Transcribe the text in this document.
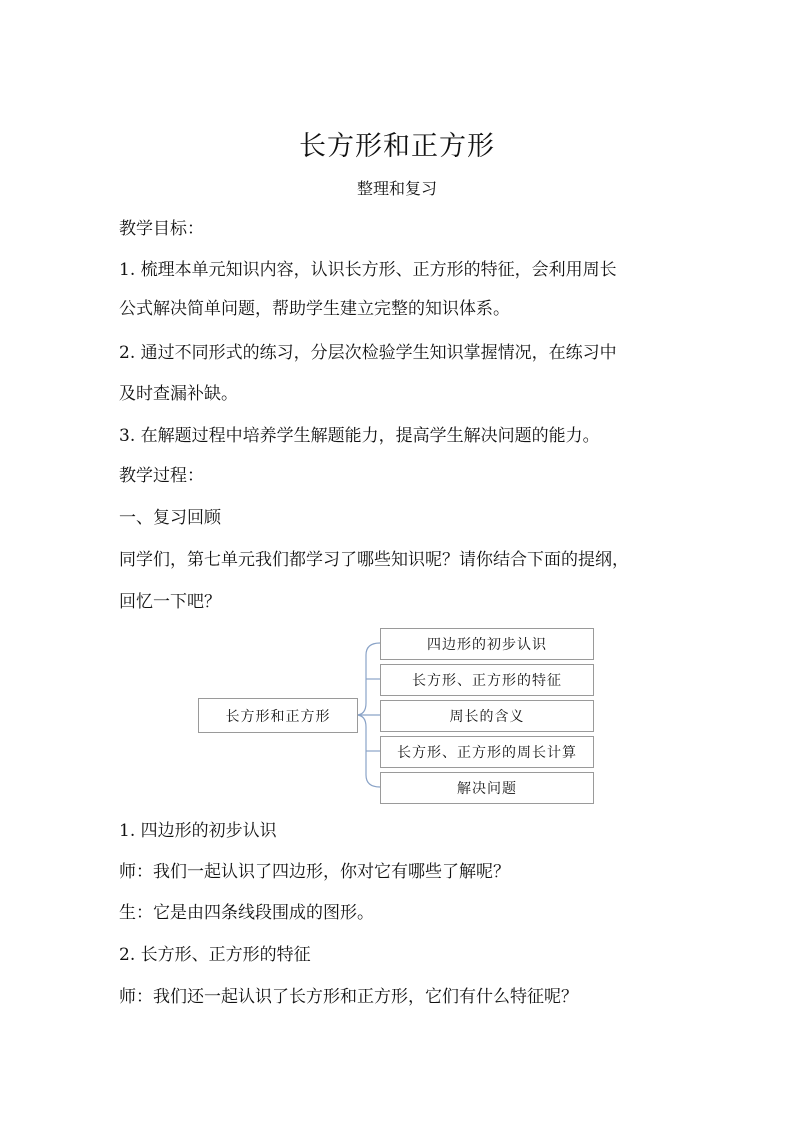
长方形和正方形
整理和复习
教学目标：
1. 梳理本单元知识内容，认识长方形、正方形的特征，会利用周长
公式解决简单问题，帮助学生建立完整的知识体系。
2. 通过不同形式的练习，分层次检验学生知识掌握情况，在练习中
及时查漏补缺。
3. 在解题过程中培养学生解题能力，提高学生解决问题的能力。
教学过程：
一、复习回顾
同学们，第七单元我们都学习了哪些知识呢？请你结合下面的提纲，
回忆一下吧？
长方形和正方形
四边形的初步认识
长方形、正方形的特征
周长的含义
长方形、正方形的周长计算
解决问题
1. 四边形的初步认识
师：我们一起认识了四边形，你对它有哪些了解呢？
生：它是由四条线段围成的图形。
2. 长方形、正方形的特征
师：我们还一起认识了长方形和正方形，它们有什么特征呢？
